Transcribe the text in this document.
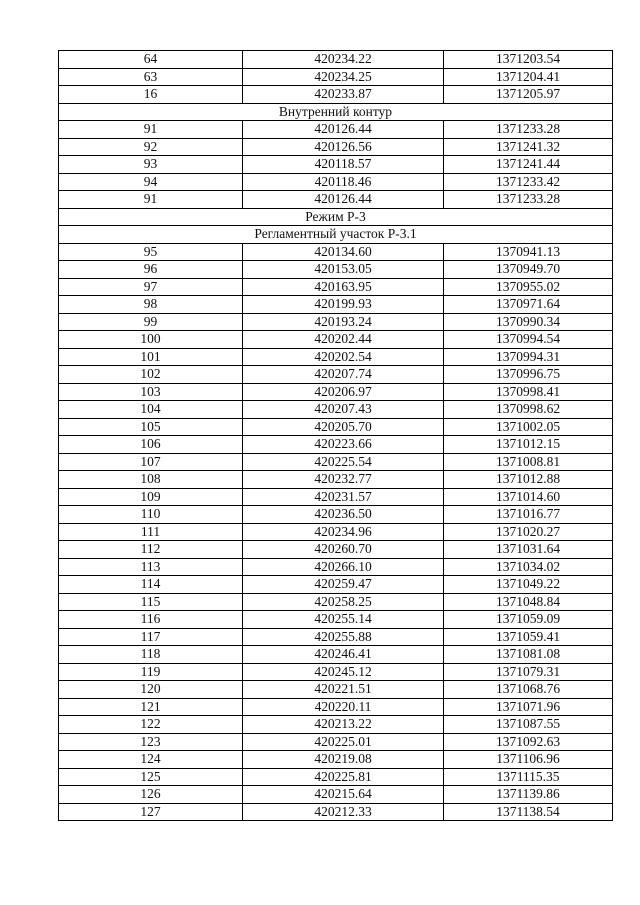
64	420234.22	1371203.54
63	420234.25	1371204.41
16	420233.87	1371205.97
Внутренний контур		
91	420126.44	1371233.28
92	420126.56	1371241.32
93	420118.57	1371241.44
94	420118.46	1371233.42
91	420126.44	1371233.28
Режим Р-3		
Регламентный участок Р-3.1		
95	420134.60	1370941.13
96	420153.05	1370949.70
97	420163.95	1370955.02
98	420199.93	1370971.64
99	420193.24	1370990.34
100	420202.44	1370994.54
101	420202.54	1370994.31
102	420207.74	1370996.75
103	420206.97	1370998.41
104	420207.43	1370998.62
105	420205.70	1371002.05
106	420223.66	1371012.15
107	420225.54	1371008.81
108	420232.77	1371012.88
109	420231.57	1371014.60
110	420236.50	1371016.77
111	420234.96	1371020.27
112	420260.70	1371031.64
113	420266.10	1371034.02
114	420259.47	1371049.22
115	420258.25	1371048.84
116	420255.14	1371059.09
117	420255.88	1371059.41
118	420246.41	1371081.08
119	420245.12	1371079.31
120	420221.51	1371068.76
121	420220.11	1371071.96
122	420213.22	1371087.55
123	420225.01	1371092.63
124	420219.08	1371106.96
125	420225.81	1371115.35
126	420215.64	1371139.86
127	420212.33	1371138.54
